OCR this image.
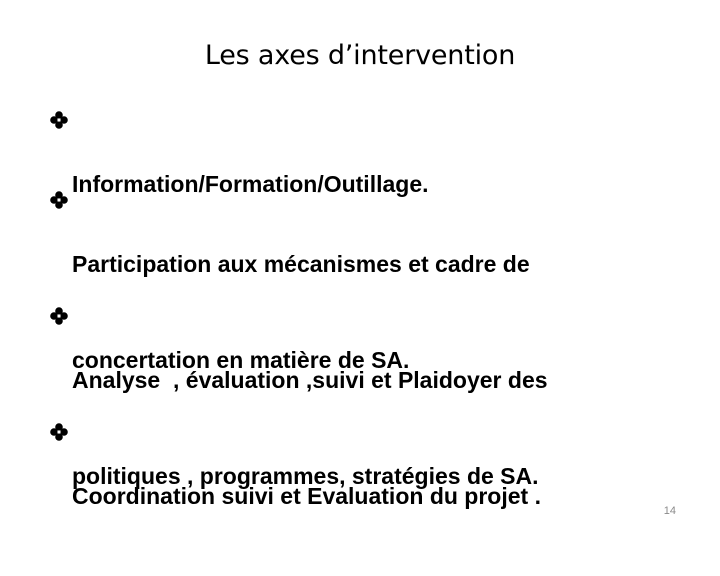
Les axes d’intervention

Information/Formation/Outillage.

Participation aux mécanismes et cadre de

concertation en matière de SA.

Analyse  , évaluation ,suivi et Plaidoyer des

politiques , programmes, stratégies de SA.

Coordination suivi et Evaluation du projet .

14
